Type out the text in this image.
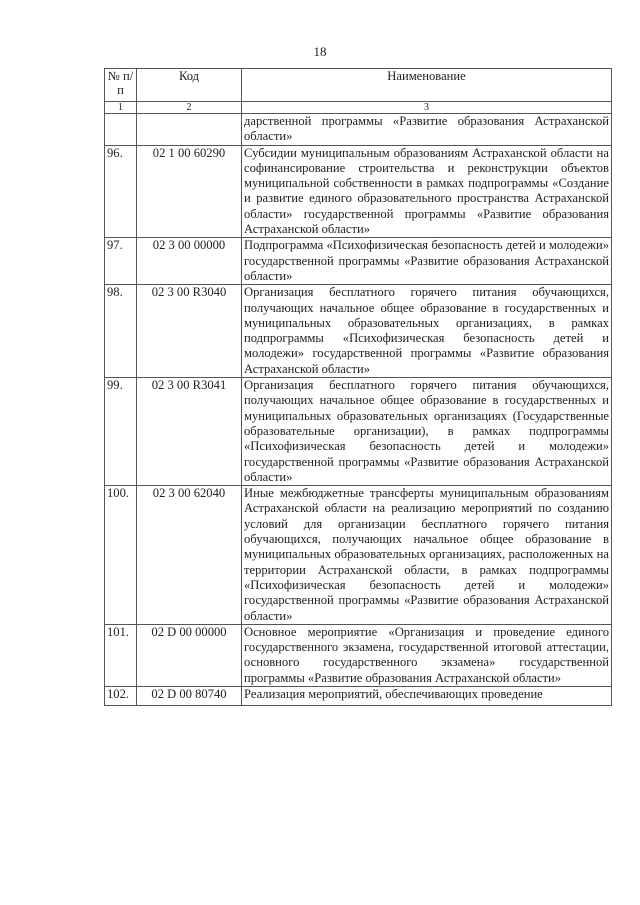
18
№ п/п	Код	Наименование
1	2	3
		дарственной программы «Развитие образования Астраханской области»
96.	02 1 00 60290	Субсидии муниципальным образованиям Астраханской области на софинансирование строительства и реконструкции объектов муниципальной собственности в рамках подпрограммы «Создание и развитие единого образовательного пространства Астраханской области» государственной программы «Развитие образования Астраханской области»
97.	02 3 00 00000	Подпрограмма «Психофизическая безопасность детей и молодежи» государственной программы «Развитие образования Астраханской области»
98.	02 3 00 R3040	Организация бесплатного горячего питания обучающихся, получающих начальное общее образование в государственных и муниципальных образовательных организациях, в рамках подпрограммы «Психофизическая безопасность детей и молодежи» государственной программы «Развитие образования Астраханской области»
99.	02 3 00 R3041	Организация бесплатного горячего питания обучающихся, получающих начальное общее образование в государственных и муниципальных образовательных организациях (Государственные образовательные организации), в рамках подпрограммы «Психофизическая безопасность детей и молодежи» государственной программы «Развитие образования Астраханской области»
100.	02 3 00 62040	Иные межбюджетные трансферты муниципальным образованиям Астраханской области на реализацию мероприятий по созданию условий для организации бесплатного горячего питания обучающихся, получающих начальное общее образование в муниципальных образовательных организациях, расположенных на территории Астраханской области, в рамках подпрограммы «Психофизическая безопасность детей и молодежи» государственной программы «Развитие образования Астраханской области»
101.	02 D 00 00000	Основное мероприятие «Организация и проведение единого государственного экзамена, государственной итоговой аттестации, основного государственного экзамена» государственной программы «Развитие образования Астраханской области»
102.	02 D 00 80740	Реализация мероприятий, обеспечивающих проведение
